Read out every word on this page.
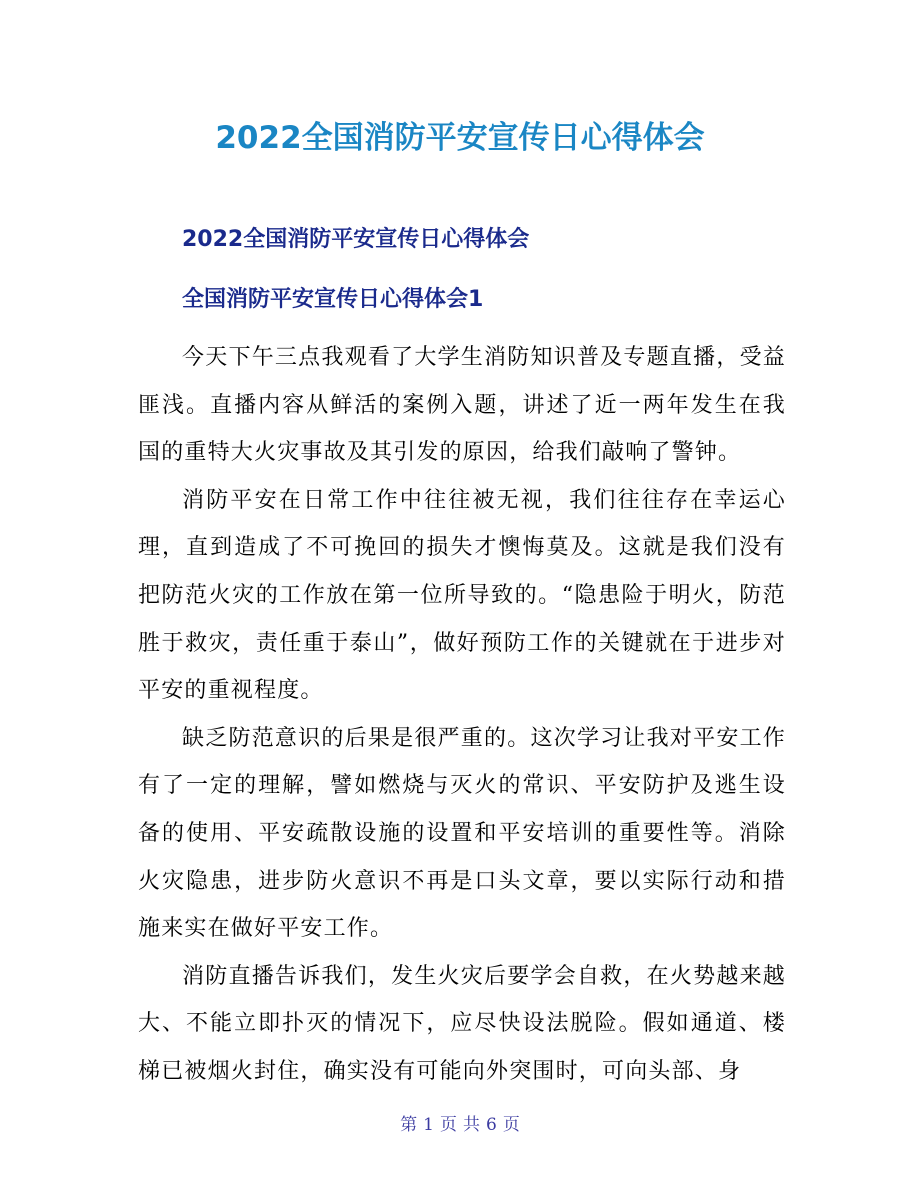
2022全国消防平安宣传日心得体会
2022全国消防平安宣传日心得体会
全国消防平安宣传日心得体会1

今天下午三点我观看了大学生消防知识普及专题直播，受益匪浅。直播内容从鲜活的案例入题，讲述了近一两年发生在我国的重特大火灾事故及其引发的原因，给我们敲响了警钟。

消防平安在日常工作中往往被无视，我们往往存在幸运心理，直到造成了不可挽回的损失才懊悔莫及。这就是我们没有把防范火灾的工作放在第一位所导致的。“隐患险于明火，防范胜于救灾，责任重于泰山”，做好预防工作的关键就在于进步对平安的重视程度。

缺乏防范意识的后果是很严重的。这次学习让我对平安工作有了一定的理解，譬如燃烧与灭火的常识、平安防护及逃生设备的使用、平安疏散设施的设置和平安培训的重要性等。消除火灾隐患，进步防火意识不再是口头文章，要以实际行动和措施来实在做好平安工作。

消防直播告诉我们，发生火灾后要学会自救，在火势越来越大、不能立即扑灭的情况下，应尽快设法脱险。假如通道、楼梯已被烟火封住，确实没有可能向外突围时，可向头部、身

第 1 页 共 6 页
